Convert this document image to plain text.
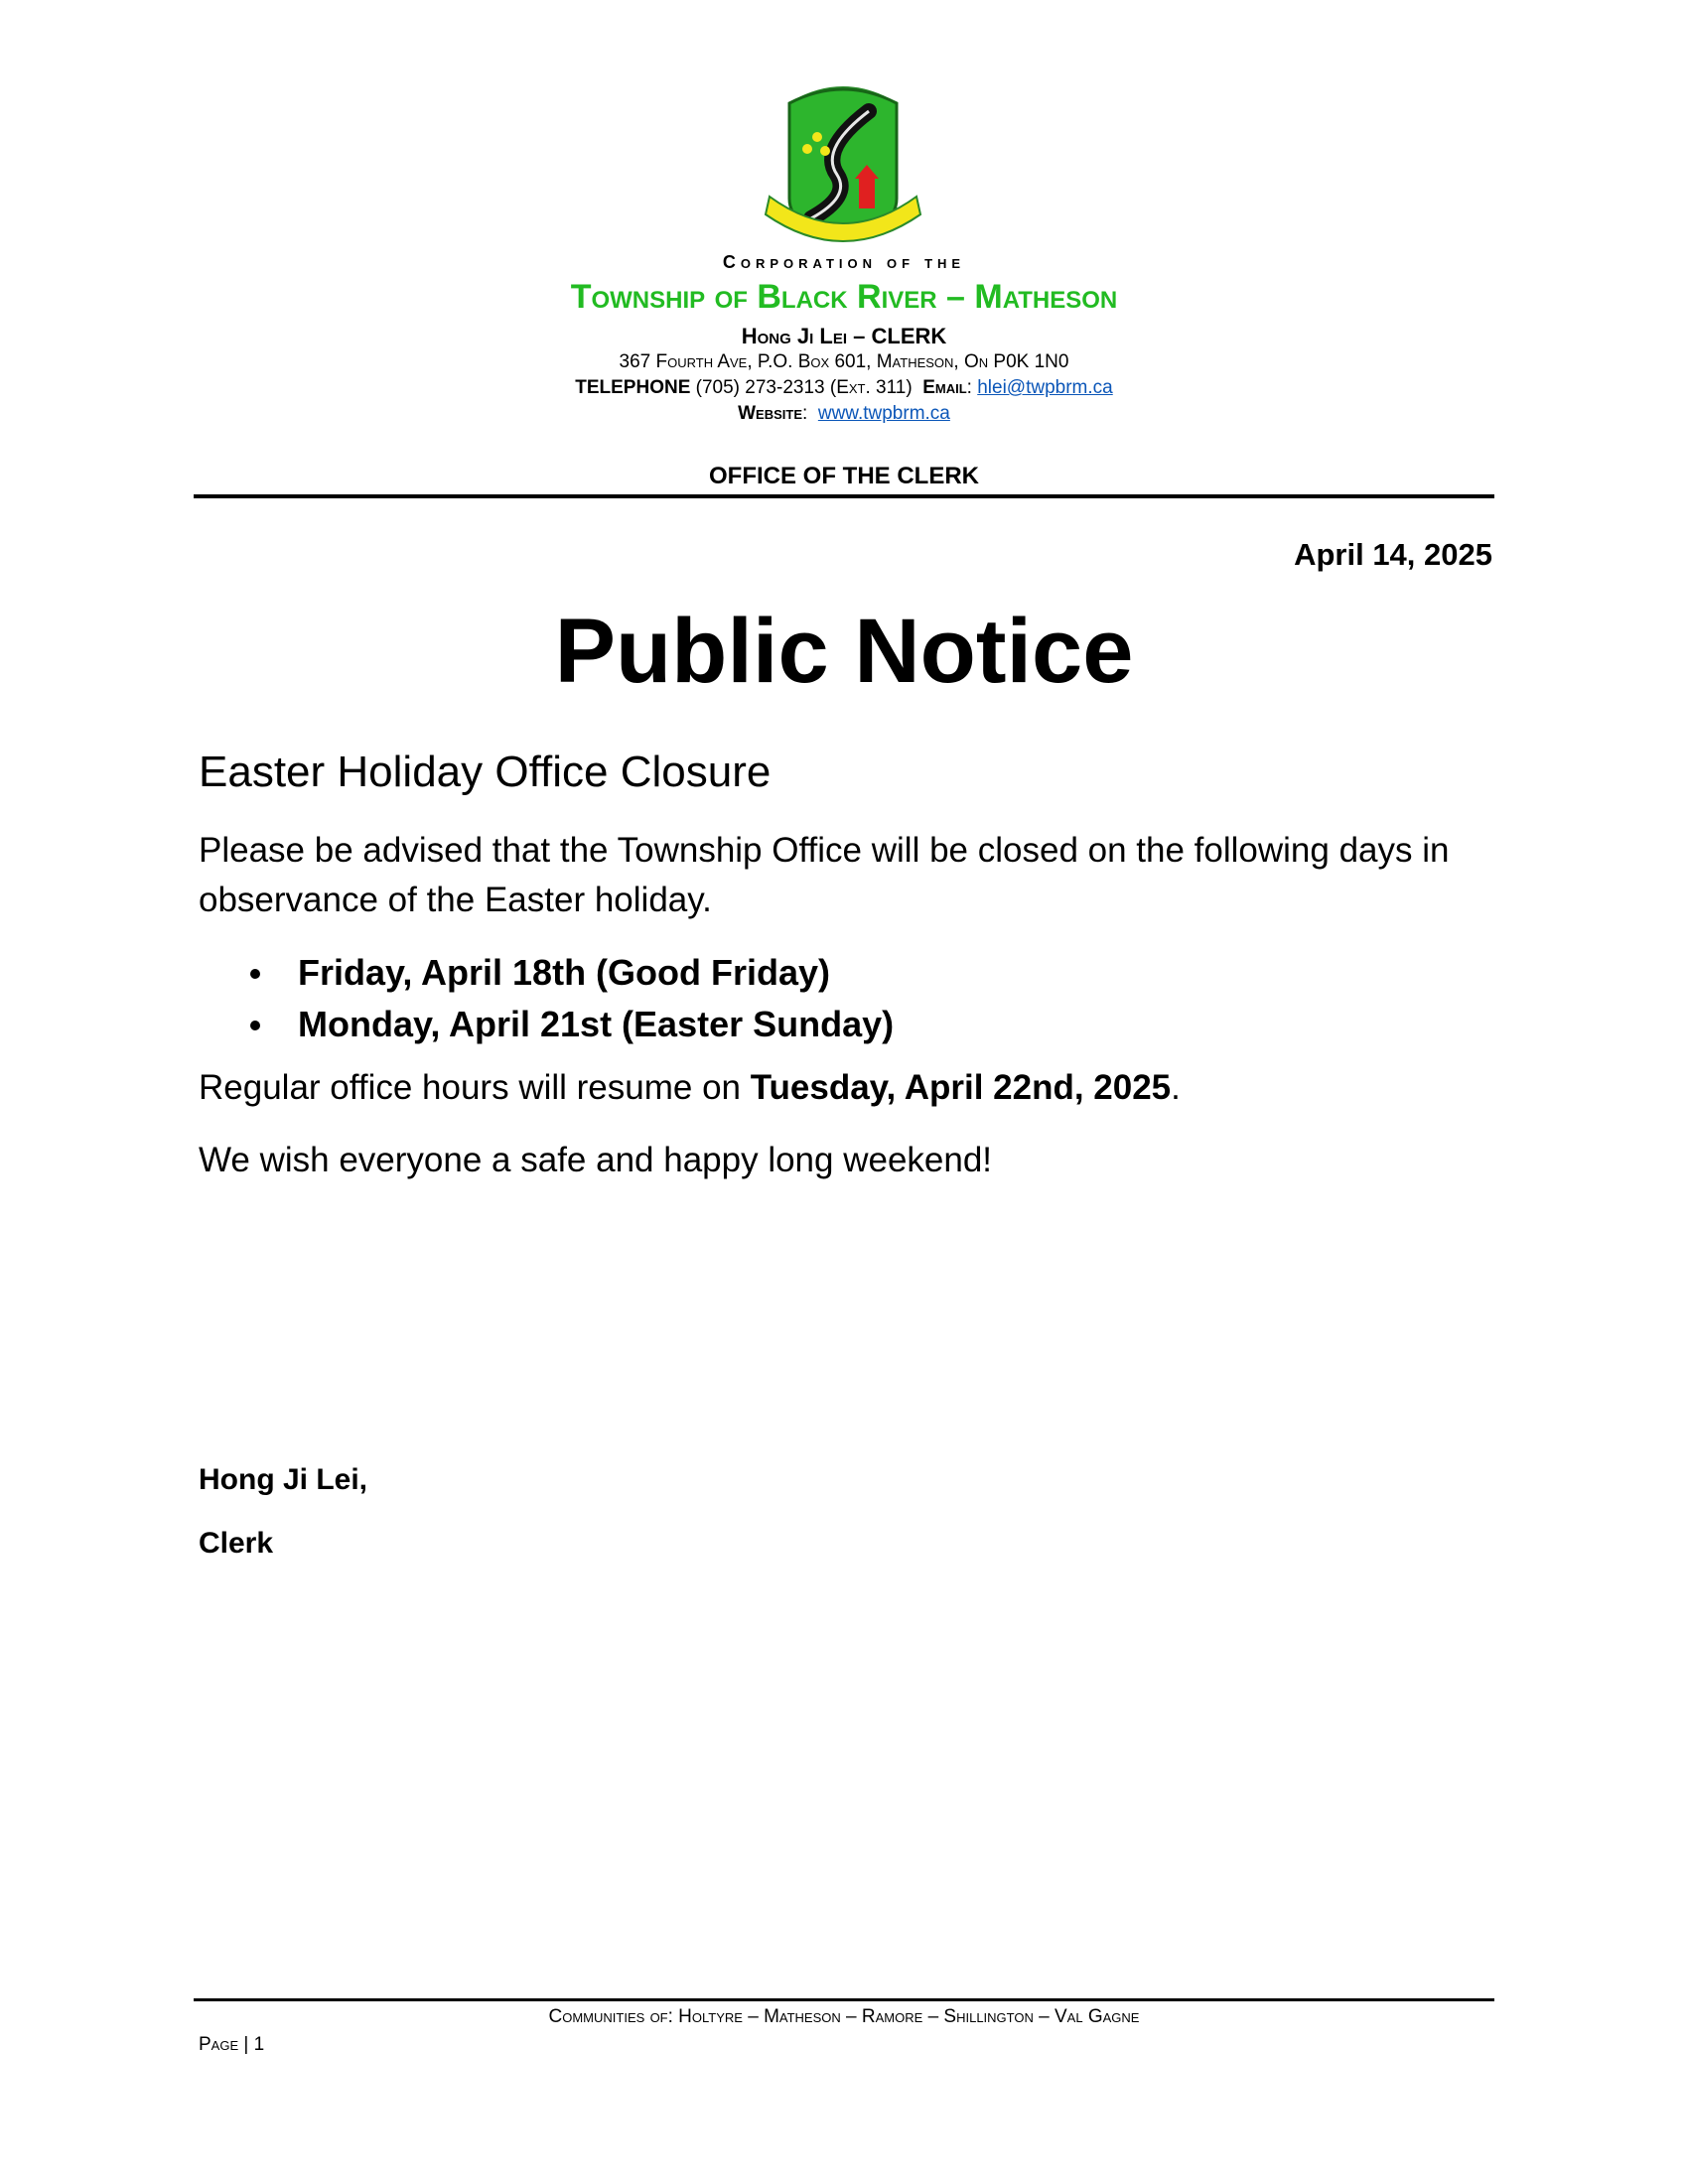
Corporation of the
Township of Black River – Matheson
Hong Ji Lei – CLERK
367 Fourth Ave, P.O. Box 601, Matheson, On P0K 1N0
TELEPHONE (705) 273-2313 (Ext. 311) Email: hlei@twpbrm.ca
Website:  www.twpbrm.ca
OFFICE OF THE CLERK
April 14, 2025
Public Notice
Easter Holiday Office Closure
Please be advised that the Township Office will be closed on the following days in observance of the Easter holiday.
Friday, April 18th (Good Friday)
Monday, April 21st (Easter Sunday)
Regular office hours will resume on Tuesday, April 22nd, 2025.
We wish everyone a safe and happy long weekend!
Hong Ji Lei,
Clerk
Communities of: Holtyre – Matheson – Ramore – Shillington – Val Gagne
Page | 1
